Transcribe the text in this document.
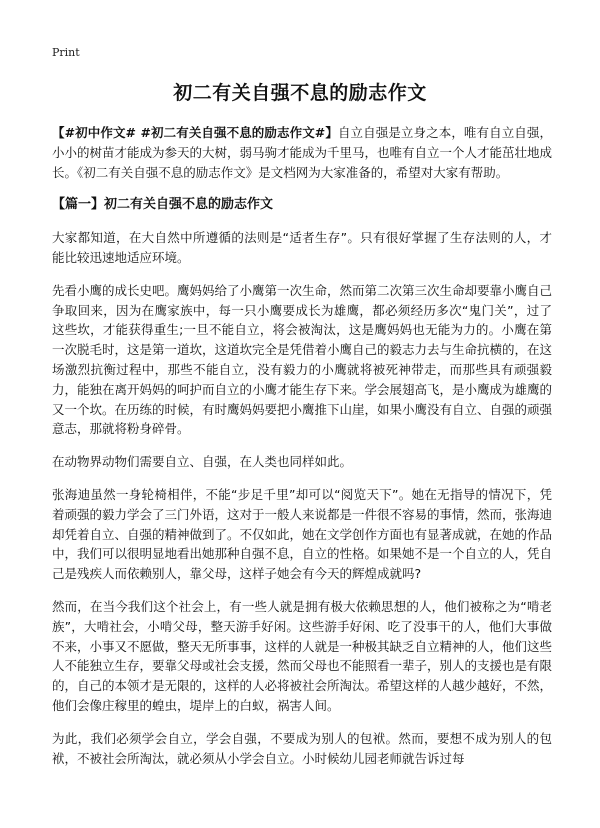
Print
初二有关自强不息的励志作文

【#初中作文# #初二有关自强不息的励志作文#】自立自强是立身之本，唯有自立自强，小小的树苗才能成为参天的大树，弱马驹才能成为千里马，也唯有自立一个人才能茁壮地成长。《初二有关自强不息的励志作文》是文档网为大家准备的，希望对大家有帮助。

【篇一】初二有关自强不息的励志作文

大家都知道，在大自然中所遵循的法则是“适者生存”。只有很好掌握了生存法则的人，才能比较迅速地适应环境。

先看小鹰的成长史吧。鹰妈妈给了小鹰第一次生命，然而第二次第三次生命却要靠小鹰自己争取回来，因为在鹰家族中，每一只小鹰要成长为雄鹰，都必须经历多次“鬼门关”，过了这些坎，才能获得重生;一旦不能自立，将会被淘汰，这是鹰妈妈也无能为力的。小鹰在第一次脱毛时，这是第一道坎，这道坎完全是凭借着小鹰自己的毅志力去与生命抗横的，在这场激烈抗衡过程中，那些不能自立，没有毅力的小鹰就将被死神带走，而那些具有顽强毅力，能独在离开妈妈的呵护而自立的小鹰才能生存下来。学会展翅高飞，是小鹰成为雄鹰的又一个坎。在历练的时候，有时鹰妈妈要把小鹰推下山崖，如果小鹰没有自立、自强的顽强意志，那就将粉身碎骨。

在动物界动物们需要自立、自强，在人类也同样如此。

张海迪虽然一身轮椅相伴，不能“步足千里”却可以“阅览天下”。她在无指导的情况下，凭着顽强的毅力学会了三门外语，这对于一般人来说都是一件很不容易的事情，然而，张海迪却凭着自立、自强的精神做到了。不仅如此，她在文学创作方面也有显著成就，在她的作品中，我们可以很明显地看出她那种自强不息，自立的性格。如果她不是一个自立的人，凭自己是残疾人而依赖别人，靠父母，这样子她会有今天的辉煌成就吗?

然而，在当今我们这个社会上，有一些人就是拥有极大依赖思想的人，他们被称之为“啃老族”，大啃社会，小啃父母，整天游手好闲。这些游手好闲、吃了没事干的人，他们大事做不来，小事又不愿做，整天无所事事，这样的人就是一种极其缺乏自立精神的人，他们这些人不能独立生存，要靠父母或社会支援，然而父母也不能照看一辈子，别人的支援也是有限的，自己的本领才是无限的，这样的人必将被社会所淘汰。希望这样的人越少越好，不然，他们会像庄稼里的蝗虫，堤岸上的白蚁，祸害人间。

为此，我们必须学会自立，学会自强，不要成为别人的包袱。然而，要想不成为别人的包袱，不被社会所淘汰，就必须从小学会自立。小时候幼儿园老师就告诉过每
